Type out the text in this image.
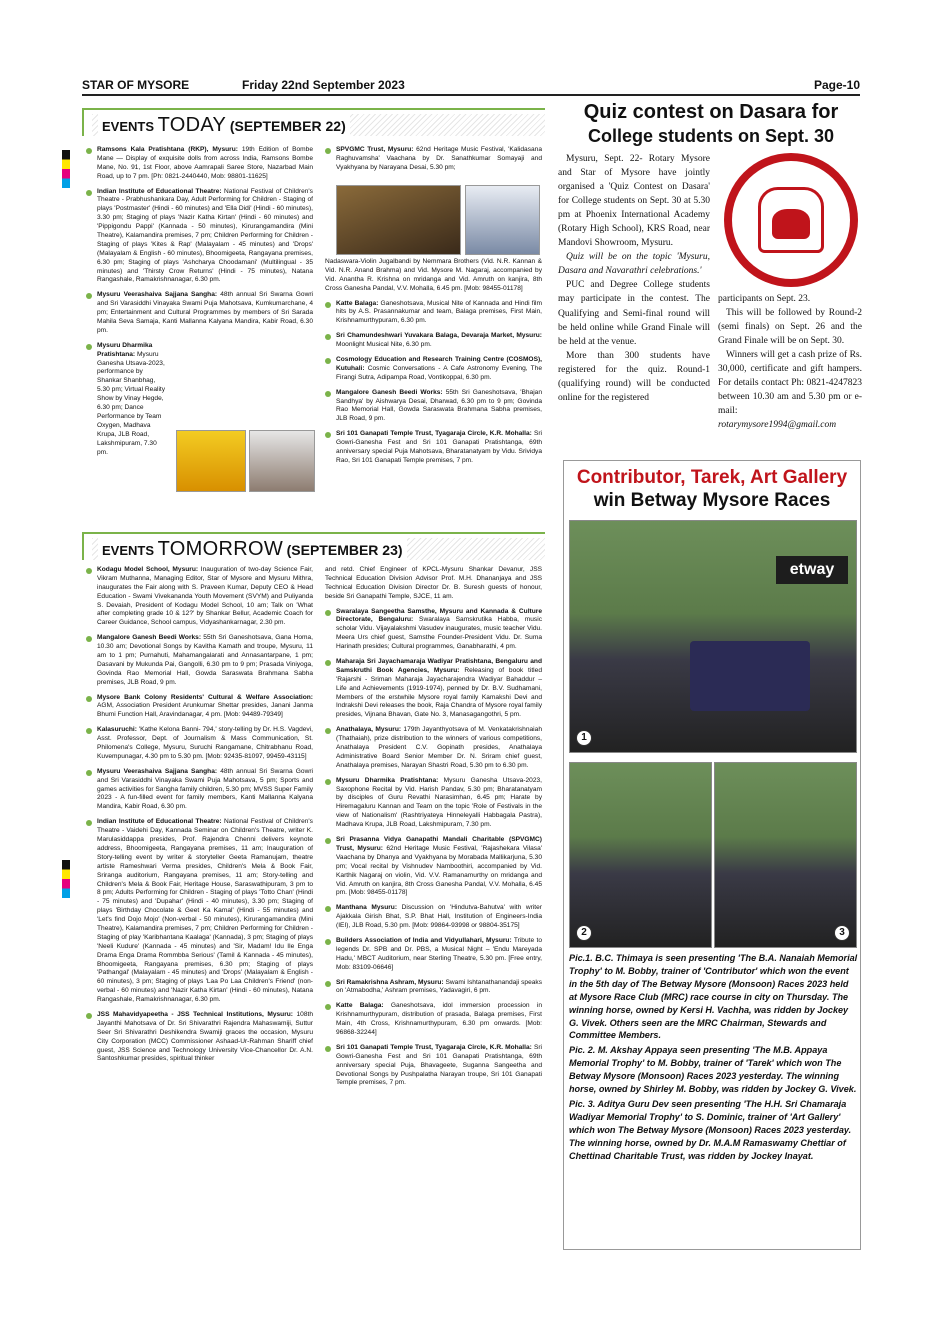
STAR OF MYSORE	Friday 22nd September 2023	Page-10
EVENTS TODAY (SEPTEMBER 22)
Ramsons Kala Pratishtana (RKP), Mysuru: 19th Edition of Bombe Mane — Display of exquisite dolls from across India, Ramsons Bombe Mane, No. 91, 1st Floor, above Aamrapali Saree Store, Nazarbad Main Road, up to 7 pm. [Ph: 0821-2440440, Mob: 98801-11625]
Indian Institute of Educational Theatre: National Festival of Children's Theatre - Prabhushankara Day, Adult Performing for Children - Staging of plays 'Postmaster' (Hindi - 60 minutes) and 'Ella Didi' (Hindi - 60 minutes), 3.30 pm; Staging of plays 'Nazir Katha Kirtan' (Hindi - 60 minutes) and 'Pippigondu Pappi' (Kannada - 50 minutes), Kirurangamandira (Mini Theatre), Kalamandira premises, 7 pm; Children Performing for Children - Staging of plays 'Kites & Rap' (Malayalam - 45 minutes) and 'Drops' (Malayalam & English - 60 minutes), Bhoomigeeta, Rangayana premises, 6.30 pm; Staging of plays 'Ashcharya Choodamani' (Multilingual - 35 minutes) and 'Thirsty Crow Returns' (Hindi - 75 minutes), Natana Rangashale, Ramakrishnanagar, 6.30 pm.
Mysuru Veerashaiva Sajjana Sangha: 48th annual Sri Swarna Gowri and Sri Varasiddhi Vinayaka Swami Puja Mahotsava, Kumkumarchane, 4 pm; Entertainment and Cultural Programmes by members of Sri Sarada Mahila Seva Samaja, Kanti Mallanna Kalyana Mandira, Kabir Road, 6.30 pm.
Mysuru Dharmika Pratishtana: Mysuru Ganesha Utsava-2023, performance by Shankar Shanbhag, 5.30 pm; Virtual Reality Show by Vinay Hegde, 6.30 pm; Dance Performance by Team Oxygen, Madhava Krupa, JLB Road, Lakshmipuram, 7.30 pm.
SPVGMC Trust, Mysuru: 62nd Heritage Music Festival, 'Kalidasana Raghuvamsha' Vaachana by Dr. Sanathkumar Somayaji and Vyakhyana by Narayana Desai, 5.30 pm;
Nadaswara-Violin Jugalbandi by Nemmara Brothers (Vid. N.R. Kannan & Vid. N.R. Anand Brahma) and Vid. Mysore M. Nagaraj, accompanied by Vid. Anantha R. Krishna on mridanga and Vid. Amruth on kanjira, 8th Cross Ganesha Pandal, V.V. Mohalla, 6.45 pm. [Mob: 98455-01178]
Katte Balaga: Ganeshotsava, Musical Nite of Kannada and Hindi film hits by A.S. Prasannakumar and team, Balaga premises, First Main, Krishnamurthypuram, 6.30 pm.
Sri Chamundeshwari Yuvakara Balaga, Devaraja Market, Mysuru: Moonlight Musical Nite, 6.30 pm.
Cosmology Education and Research Training Centre (COSMOS), Kutuhali: Cosmic Conversations - A Cafe Astronomy Evening, The Firangi Sutra, Adipampa Road, Vontikoppal, 6.30 pm.
Mangalore Ganesh Beedi Works: 55th Sri Ganeshotsava, 'Bhajan Sandhya' by Aishwarya Desai, Dharwad, 6.30 pm to 9 pm; Govinda Rao Memorial Hall, Gowda Saraswata Brahmana Sabha premises, JLB Road, 9 pm.
Sri 101 Ganapati Temple Trust, Tyagaraja Circle, K.R. Mohalla: Sri Gowri-Ganesha Fest and Sri 101 Ganapati Pratishtanga, 69th anniversary special Puja Mahotsava, Bharatanatyam by Vidu. Srividya Rao, Sri 101 Ganapati Temple premises, 7 pm.
EVENTS TOMORROW (SEPTEMBER 23)
Kodagu Model School, Mysuru: Inauguration of two-day Science Fair, Vikram Muthanna, Managing Editor, Star of Mysore and Mysuru Mithra, inaugurates the Fair along with S. Praveen Kumar, Deputy CEO & Head Education - Swami Vivekananda Youth Movement (SVYM) and Puliyanda S. Devaiah, President of Kodagu Model School, 10 am; Talk on 'What after completing grade 10 & 12?' by Shankar Bellur, Academic Coach for Career Guidance, School campus, Vidyashankarnagar, 2.30 pm.
Mangalore Ganesh Beedi Works: 55th Sri Ganeshotsava, Gana Homa, 10.30 am; Devotional Songs by Kavitha Kamath and troupe, Mysuru, 11 am to 1 pm; Purnahuti, Mahamangalarati and Annasantarpane, 1 pm; Dasavani by Mukunda Pai, Gangolli, 6.30 pm to 9 pm; Prasada Viniyoga, Govinda Rao Memorial Hall, Gowda Saraswata Brahmana Sabha premises, JLB Road, 9 pm.
Mysore Bank Colony Residents' Cultural & Welfare Association: AGM, Association President Arunkumar Shettar presides, Janani Janma Bhumi Function Hall, Aravindanagar, 4 pm. [Mob: 94489-79349]
Kalasuruchi: 'Kathe Kelona Banni- 794,' story-telling by Dr. H.S. Vagdevi, Asst. Professor, Dept. of Journalism & Mass Communication, St. Philomena's College, Mysuru, Suruchi Rangamane, Chitrabhanu Road, Kuvempunagar, 4.30 pm to 5.30 pm. [Mob: 92435-81097, 99459-43115]
Mysuru Veerashaiva Sajjana Sangha: 48th annual Sri Swarna Gowri and Sri Varasiddhi Vinayaka Swami Puja Mahotsava, 5 pm; Sports and games activities for Sangha family children, 5.30 pm; MVSS Super Family 2023 - A fun-filled event for family members, Kanti Mallanna Kalyana Mandira, Kabir Road, 6.30 pm.
Indian Institute of Educational Theatre: National Festival of Children's Theatre - Vaidehi Day, Kannada Seminar on Children's Theatre, writer K. Marulasiddappa presides, Prof. Rajendra Chenni delivers keynote address, Bhoomigeeta, Rangayana premises, 11 am; Inauguration of Story-telling event by writer & storyteller Geeta Ramanujam, theatre artiste Rameshwari Verma presides, Children's Mela & Book Fair, Sriranga auditorium, Rangayana premises, 11 am; Story-telling and Children's Mela & Book Fair, Heritage House, Saraswathipuram, 3 pm to 8 pm; Adults Performing for Children - Staging of plays 'Totto Chan' (Hindi - 75 minutes) and 'Dupahar' (Hindi - 40 minutes), 3.30 pm; Staging of plays 'Birthday Chocolate & Geet Ka Kamal' (Hindi - 55 minutes) and 'Let's find Dojo Mojo' (Non-verbal - 50 minutes), Kirurangamandira (Mini Theatre), Kalamandira premises, 7 pm; Children Performing for Children - Staging of play 'Karibhantana Kaalaga' (Kannada), 3 pm; Staging of plays 'Neeli Kudure' (Kannada - 45 minutes) and 'Sir, Madam! Idu Ile Enga Drama Enga Drama Rommbba Serious' (Tamil & Kannada - 45 minutes), Bhoomigeeta, Rangayana premises, 6.30 pm; Staging of plays 'Pathangal' (Malayalam - 45 minutes) and 'Drops' (Malayalam & English - 60 minutes), 3 pm; Staging of plays 'Laa Po Laa Children's Friend' (non- verbal - 60 minutes) and 'Nazir Katha Kirtan' (Hindi - 60 minutes), Natana Rangashale, Ramakrishnanagar, 6.30 pm.
JSS Mahavidyapeetha - JSS Technical Institutions, Mysuru: 108th Jayanthi Mahotsava of Dr. Sri Shivarathri Rajendra Mahaswamiji, Suttur Seer Sri Shivarathri Deshikendra Swamiji graces the occasion, Mysuru City Corporation (MCC) Commissioner Ashaad-Ur-Rahman Shariff chief guest, JSS Science and Technology University Vice-Chancellor Dr. A.N. Santoshkumar presides, spiritual thinker
and retd. Chief Engineer of KPCL-Mysuru Shankar Devanur, JSS Technical Education Division Advisor Prof. M.H. Dhananjaya and JSS Technical Education Division Director Dr. B. Suresh guests of honour, beside Sri Ganapathi Temple, SJCE, 11 am.
Swaralaya Sangeetha Samsthe, Mysuru and Kannada & Culture Directorate, Bengaluru: Swaralaya Samskrutika Habba, music scholar Vidu. Vijayalakshmi Vasudev inaugurates, music teacher Vidu. Meera Urs chief guest, Samsthe Founder-President Vidu. Dr. Suma Harinath presides; Cultural programmes, Ganabharathi, 4 pm.
Maharaja Sri Jayachamaraja Wadiyar Pratishtana, Bengaluru and Samskruthi Book Agencies, Mysuru: Releasing of book titled 'Rajarshi - Sriman Maharaja Jayacharajendra Wadiyar Bahaddur – Life and Achievements (1919-1974), penned by Dr. B.V. Sudhamani, Members of the erstwhile Mysore royal family Kamakshi Devi and Indrakshi Devi releases the book, Raja Chandra of Mysore royal family presides, Vijnana Bhavan, Gate No. 3, Manasagangothri, 5 pm.
Anathalaya, Mysuru: 179th Jayanthyotsava of M. Venkatakrishnaiah (Thathaiah), prize distribution to the winners of various competitions, Anathalaya President C.V. Gopinath presides, Anathalaya Administrative Board Senior Member Dr. N. Sriram chief guest, Anathalaya premises, Narayan Shastri Road, 5.30 pm to 6.30 pm.
Mysuru Dharmika Pratishtana: Mysuru Ganesha Utsava-2023, Saxophone Recital by Vid. Harish Pandav, 5.30 pm; Bharatanatyam by disciples of Guru Revathi Narasimhan, 6.45 pm; Harate by Hiremagaluru Kannan and Team on the topic 'Role of Festivals in the view of Nationalism' (Rashtriyateya Hinneleyalli Habbagala Pastra), Madhava Krupa, JLB Road, Lakshmipuram, 7.30 pm.
Sri Prasanna Vidya Ganapathi Mandali Charitable (SPVGMC) Trust, Mysuru: 62nd Heritage Music Festival, 'Rajashekara Vilasa' Vaachana by Dhanya and Vyakhyana by Morabada Mallikarjuna, 5.30 pm; Vocal recital by Vishnudev Namboothiri, accompanied by Vid. Karthik Nagaraj on violin, Vid. V.V. Ramanamurthy on mridanga and Vid. Amruth on kanjira, 8th Cross Ganesha Pandal, V.V. Mohalla, 6.45 pm. [Mob: 98455-01178]
Manthana Mysuru: Discussion on 'Hindutva-Bahutva' with writer Ajakkala Girish Bhat, S.P. Bhat Hall, Institution of Engineers-India (IEI), JLB Road, 5.30 pm. [Mob: 99864-93998 or 98804-35175]
Builders Association of India and Vidyullahari, Mysuru: Tribute to legends Dr. SPB and Dr. PBS, a Musical Night – 'Endu Mareyada Hadu,' MBCT Auditorium, near Sterling Theatre, 5.30 pm. [Free entry, Mob: 83109-06646]
Sri Ramakrishna Ashram, Mysuru: Swami Ishtanathanandaji speaks on 'Atmabodha,' Ashram premises, Yadavagiri, 6 pm.
Katte Balaga: Ganeshotsava, idol immersion procession in Krishnamurthypuram, distribution of prasada, Balaga premises, First Main, 4th Cross, Krishnamurthypuram, 6.30 pm onwards. [Mob: 96868-32244]
Sri 101 Ganapati Temple Trust, Tyagaraja Circle, K.R. Mohalla: Sri Gowri-Ganesha Fest and Sri 101 Ganapati Pratishtanga, 69th anniversary special Puja, Bhavageete, Suganna Sangeetha and Devotional Songs by Pushpalatha Narayan troupe, Sri 101 Ganapati Temple premises, 7 pm.
Quiz contest on Dasara for
College students on Sept. 30

Mysuru, Sept. 22- Rotary Mysore and Star of Mysore have jointly organised a 'Quiz Contest on Dasara' for College students on Sept. 30 at 5.30 pm at Phoenix International Academy (Rotary High School), KRS Road, near Mandovi Showroom, Mysuru.

Quiz will be on the topic 'Mysuru, Dasara and Navarathri celebrations.'

PUC and Degree College students may participate in the contest. The Qualifying and Semi-final round will be held online while Grand Finale will be held at the venue.

More than 300 students have registered for the quiz. Round-1 (qualifying round) will be conducted online for the registered

participants on Sept. 23.

This will be followed by Round-2 (semi finals) on Sept. 26 and the Grand Finale will be on Sept. 30.

Winners will get a cash prize of Rs. 30,000, certificate and gift hampers. For details contact Ph: 0821-4247823 between 10.30 am and 5.30 pm or e-mail:

rotarymysore1994@gmail.com

Contributor, Tarek, Art Gallery
win Betway Mysore Races
etway
1
2	3

Pic.1. B.C. Thimaya is seen presenting 'The B.A. Nanaiah Memorial Trophy' to M. Bobby, trainer of 'Contributor' which won the event in the 5th day of The Betway Mysore (Monsoon) Races 2023 held at Mysore Race Club (MRC) race course in city on Thursday. The winning horse, owned by Kersi H. Vachha, was ridden by Jockey G. Vivek. Others seen are the MRC Chairman, Stewards and Committee Members.

Pic. 2. M. Akshay Appaya seen presenting 'The M.B. Appaya Memorial Trophy' to M. Bobby, trainer of 'Tarek' which won The Betway Mysore (Monsoon) Races 2023 yesterday. The winning horse, owned by Shirley M. Bobby, was ridden by Jockey G. Vivek.

Pic. 3. Aditya Guru Dev seen presenting 'The H.H. Sri Chamaraja Wadiyar Memorial Trophy' to S. Dominic, trainer of 'Art Gallery' which won The Betway Mysore (Monsoon) Races 2023 yesterday. The winning horse, owned by Dr. M.A.M Ramaswamy Chettiar of Chettinad Charitable Trust, was ridden by Jockey Inayat.
